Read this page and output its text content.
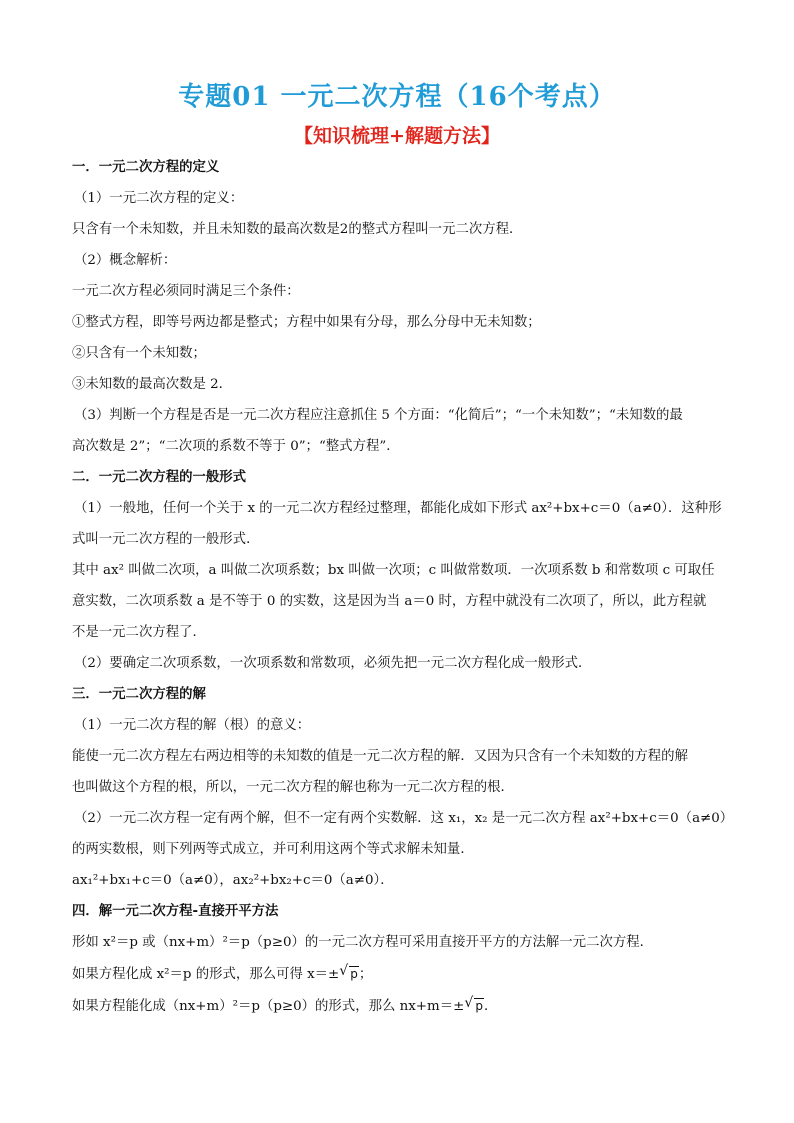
专题01 一元二次方程（16个考点）
【知识梳理+解题方法】
一．一元二次方程的定义
（1）一元二次方程的定义：
只含有一个未知数，并且未知数的最高次数是2的整式方程叫一元二次方程．
（2）概念解析：
一元二次方程必须同时满足三个条件：
①整式方程，即等号两边都是整式；方程中如果有分母，那么分母中无未知数；
②只含有一个未知数；
③未知数的最高次数是 2．
（3）判断一个方程是否是一元二次方程应注意抓住 5 个方面：“化简后”；“一个未知数”；“未知数的最
高次数是 2”；“二次项的系数不等于 0”；“整式方程”．
二．一元二次方程的一般形式
（1）一般地，任何一个关于 x 的一元二次方程经过整理，都能化成如下形式 ax²+bx+c＝0（a≠0）．这种形
式叫一元二次方程的一般形式．
其中 ax² 叫做二次项，a 叫做二次项系数；bx 叫做一次项；c 叫做常数项．一次项系数 b 和常数项 c 可取任
意实数，二次项系数 a 是不等于 0 的实数，这是因为当 a＝0 时，方程中就没有二次项了，所以，此方程就
不是一元二次方程了．
（2）要确定二次项系数，一次项系数和常数项，必须先把一元二次方程化成一般形式．
三．一元二次方程的解
（1）一元二次方程的解（根）的意义：
能使一元二次方程左右两边相等的未知数的值是一元二次方程的解．又因为只含有一个未知数的方程的解
也叫做这个方程的根，所以，一元二次方程的解也称为一元二次方程的根．
（2）一元二次方程一定有两个解，但不一定有两个实数解．这 x₁，x₂ 是一元二次方程 ax²+bx+c＝0（a≠0）
的两实数根，则下列两等式成立，并可利用这两个等式求解未知量．
ax₁²+bx₁+c＝0（a≠0），ax₂²+bx₂+c＝0（a≠0）．
四．解一元二次方程-直接开平方法
形如 x²＝p 或（nx+m）²＝p（p≥0）的一元二次方程可采用直接开平方的方法解一元二次方程．
如果方程化成 x²＝p 的形式，那么可得 x＝± √ p；
如果方程能化成（nx+m）²＝p（p≥0）的形式，那么 nx+m＝± √ p．
